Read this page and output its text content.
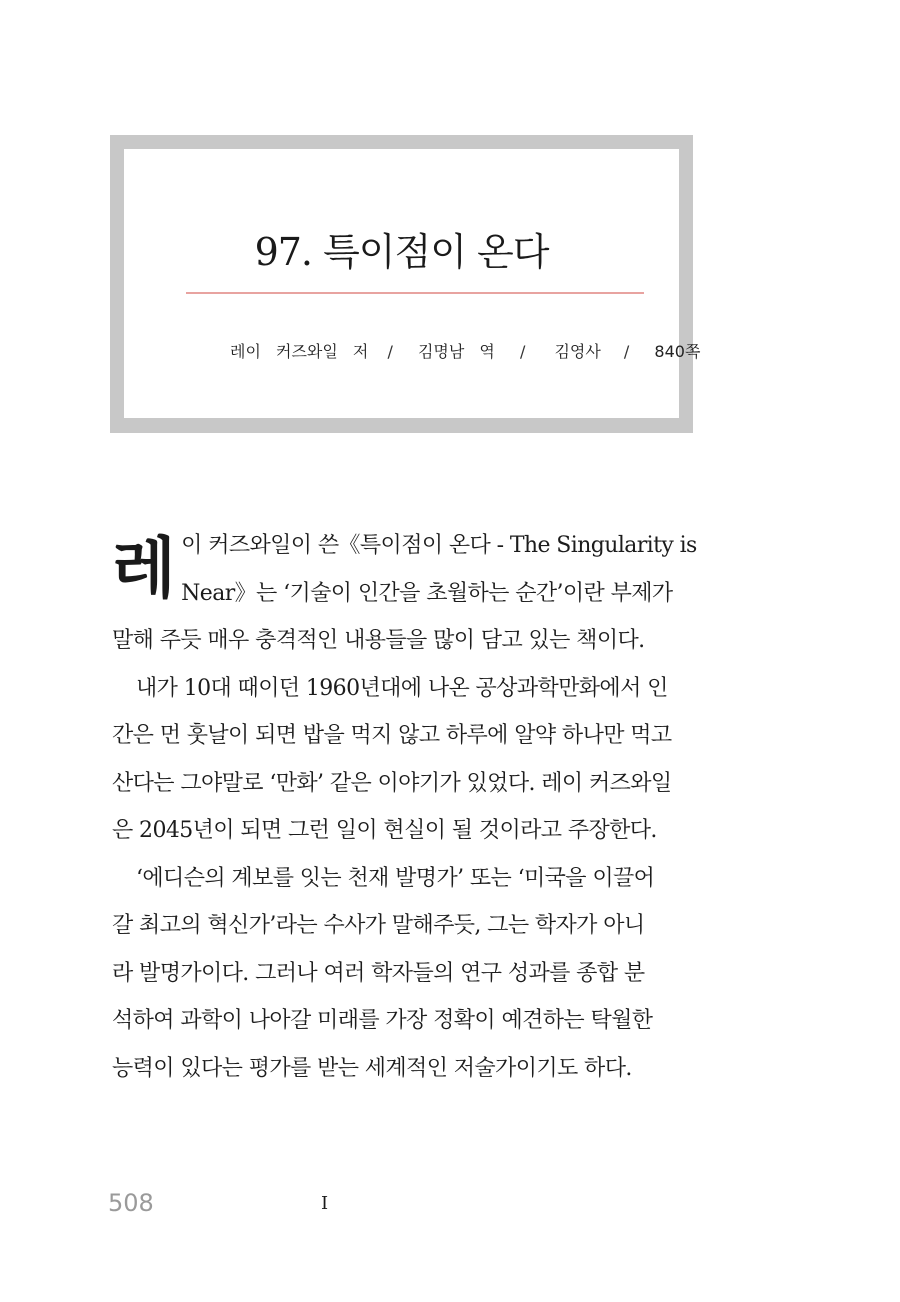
97. 특이점이 온다
레이 커즈와일 저 / 김명남 역 / 김영사 / 840쪽
레 이 커즈와일이 쓴《특이점이 온다 - The Singularity is
Near》는 ‘기술이 인간을 초월하는 순간’이란 부제가
말해 주듯 매우 충격적인 내용들을 많이 담고 있는 책이다.
내가 10대 때이던 1960년대에 나온 공상과학만화에서 인
간은 먼 훗날이 되면 밥을 먹지 않고 하루에 알약 하나만 먹고
산다는 그야말로 ‘만화’ 같은 이야기가 있었다. 레이 커즈와일
은 2045년이 되면 그런 일이 현실이 될 것이라고 주장한다.
‘에디슨의 계보를 잇는 천재 발명가’ 또는 ‘미국을 이끌어
갈 최고의 혁신가’라는 수사가 말해주듯, 그는 학자가 아니
라 발명가이다. 그러나 여러 학자들의 연구 성과를 종합 분
석하여 과학이 나아갈 미래를 가장 정확이 예견하는 탁월한
능력이 있다는 평가를 받는 세계적인 저술가이기도 하다.
508	I
